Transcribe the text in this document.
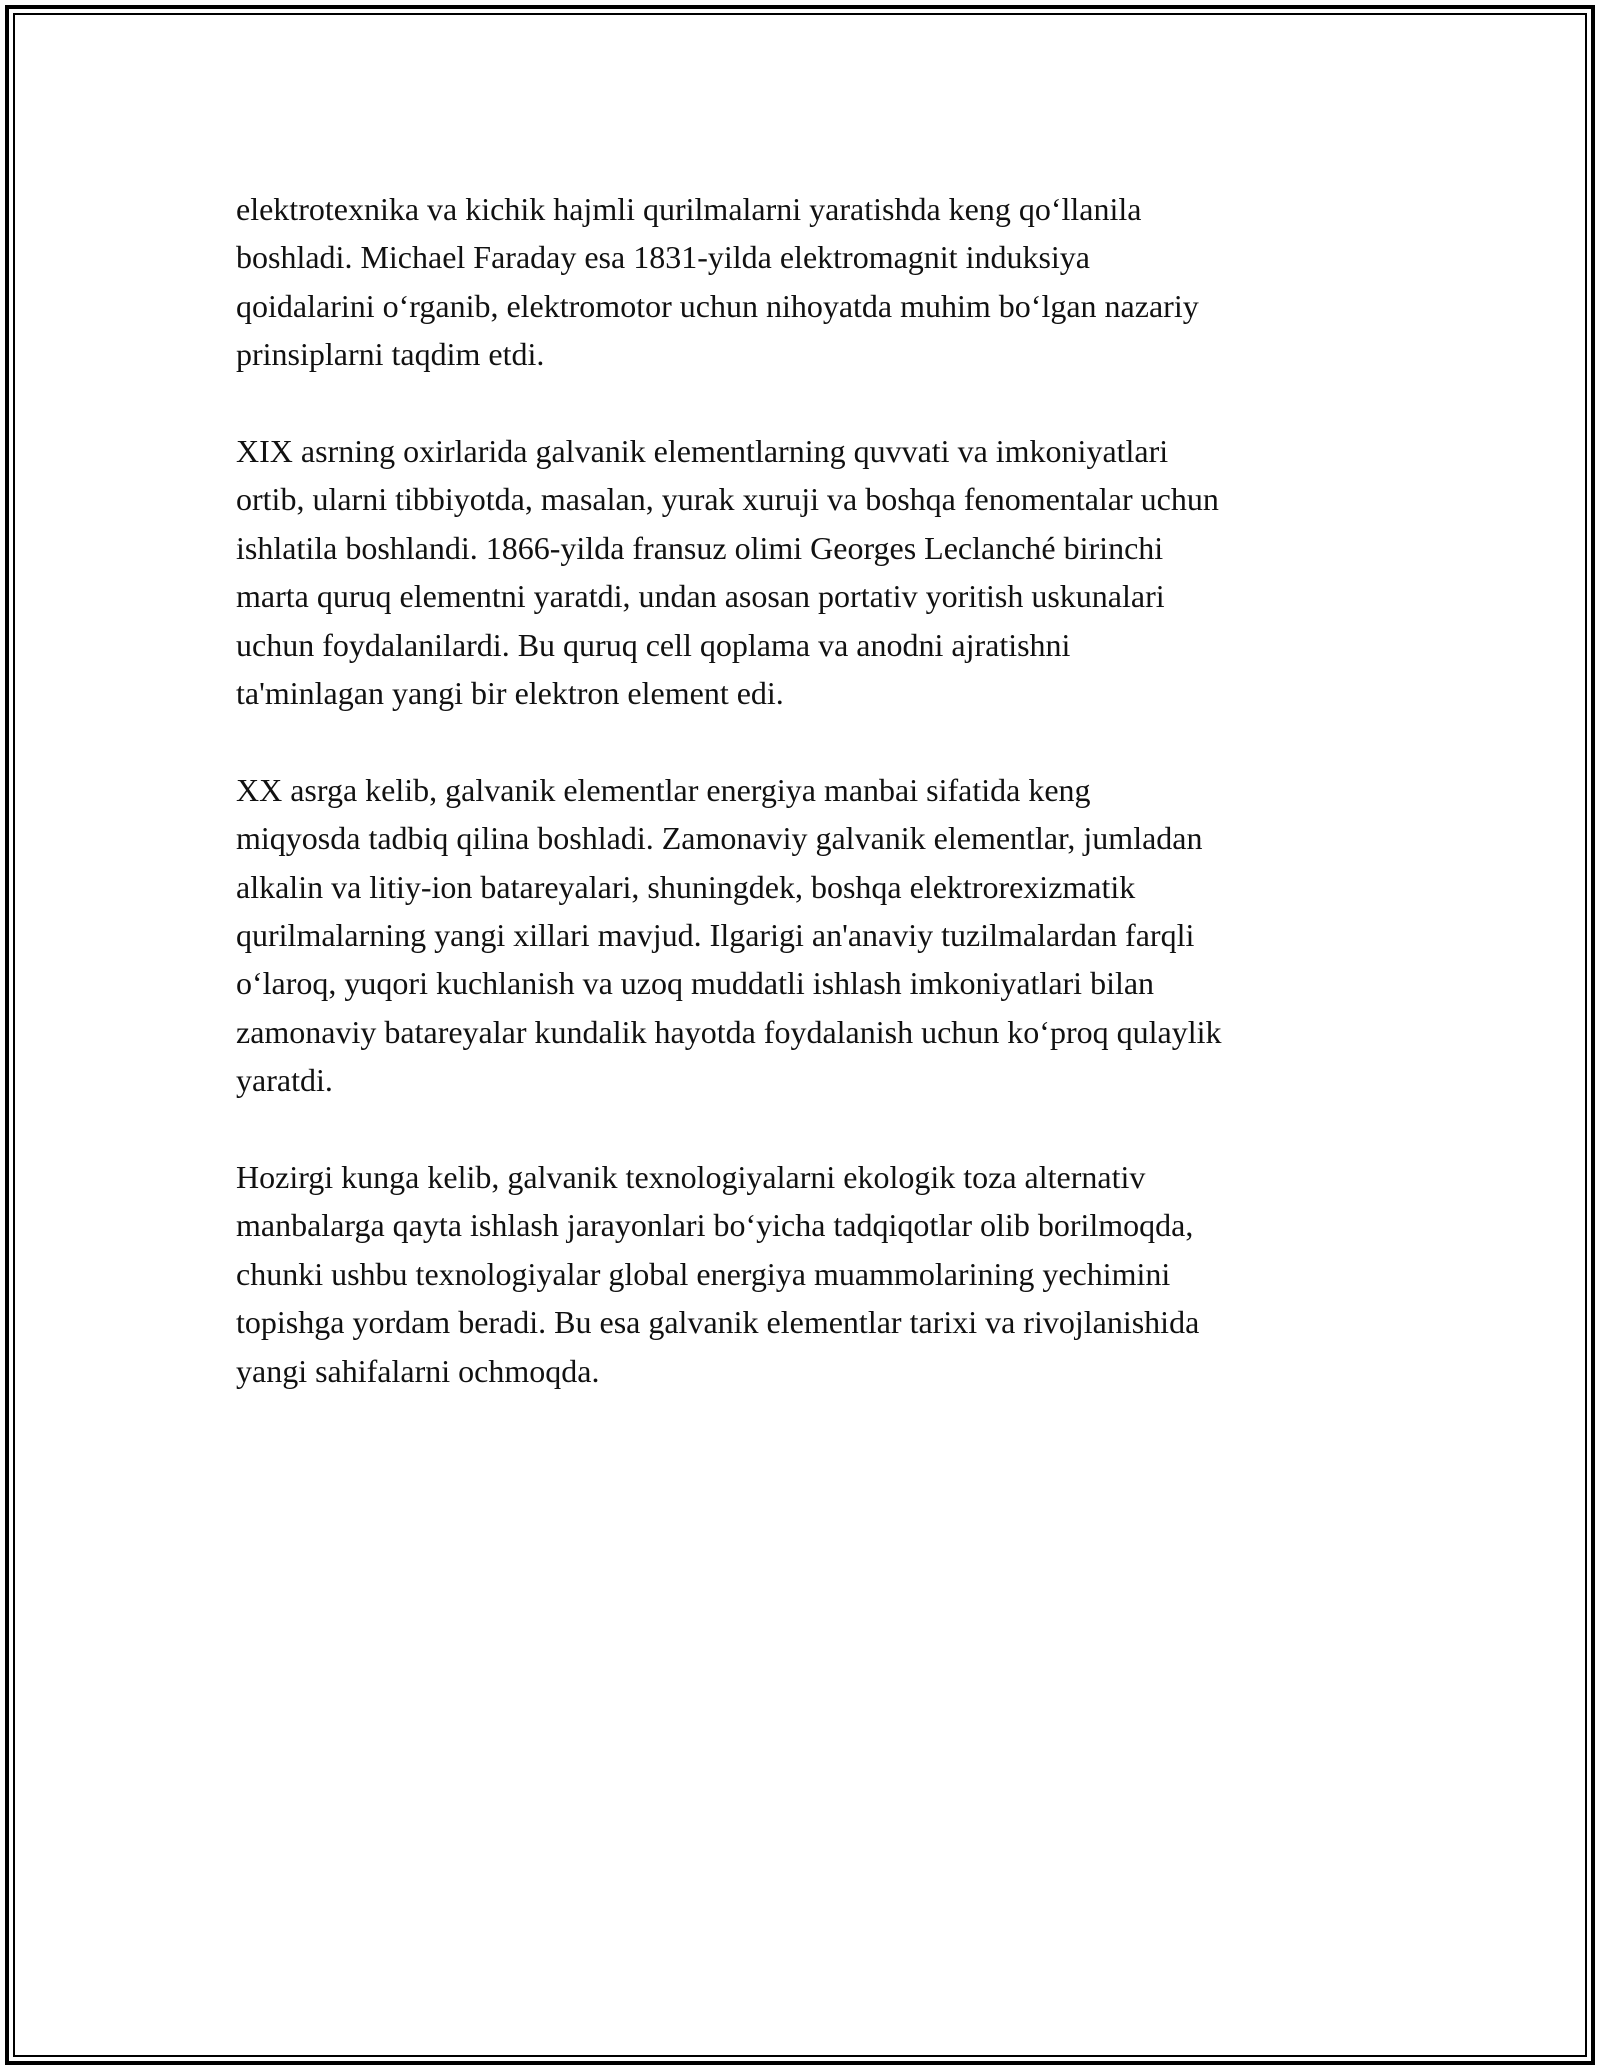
elektrotexnika va kichik hajmli qurilmalarni yaratishda keng qo‘llanila
boshladi. Michael Faraday esa 1831-yilda elektromagnit induksiya
qoidalarini o‘rganib, elektromotor uchun nihoyatda muhim bo‘lgan nazariy
prinsiplarni taqdim etdi.

XIX asrning oxirlarida galvanik elementlarning quvvati va imkoniyatlari
ortib, ularni tibbiyotda, masalan, yurak xuruji va boshqa fenomentalar uchun
ishlatila boshlandi. 1866-yilda fransuz olimi Georges Leclanché birinchi
marta quruq elementni yaratdi, undan asosan portativ yoritish uskunalari
uchun foydalanilardi. Bu quruq cell qoplama va anodni ajratishni
ta'minlagan yangi bir elektron element edi.

XX asrga kelib, galvanik elementlar energiya manbai sifatida keng
miqyosda tadbiq qilina boshladi. Zamonaviy galvanik elementlar, jumladan
alkalin va litiy-ion batareyalari, shuningdek, boshqa elektrorexizmatik
qurilmalarning yangi xillari mavjud. Ilgarigi an'anaviy tuzilmalardan farqli
o‘laroq, yuqori kuchlanish va uzoq muddatli ishlash imkoniyatlari bilan
zamonaviy batareyalar kundalik hayotda foydalanish uchun ko‘proq qulaylik
yaratdi.

Hozirgi kunga kelib, galvanik texnologiyalarni ekologik toza alternativ
manbalarga qayta ishlash jarayonlari bo‘yicha tadqiqotlar olib borilmoqda,
chunki ushbu texnologiyalar global energiya muammolarining yechimini
topishga yordam beradi. Bu esa galvanik elementlar tarixi va rivojlanishida
yangi sahifalarni ochmoqda.
